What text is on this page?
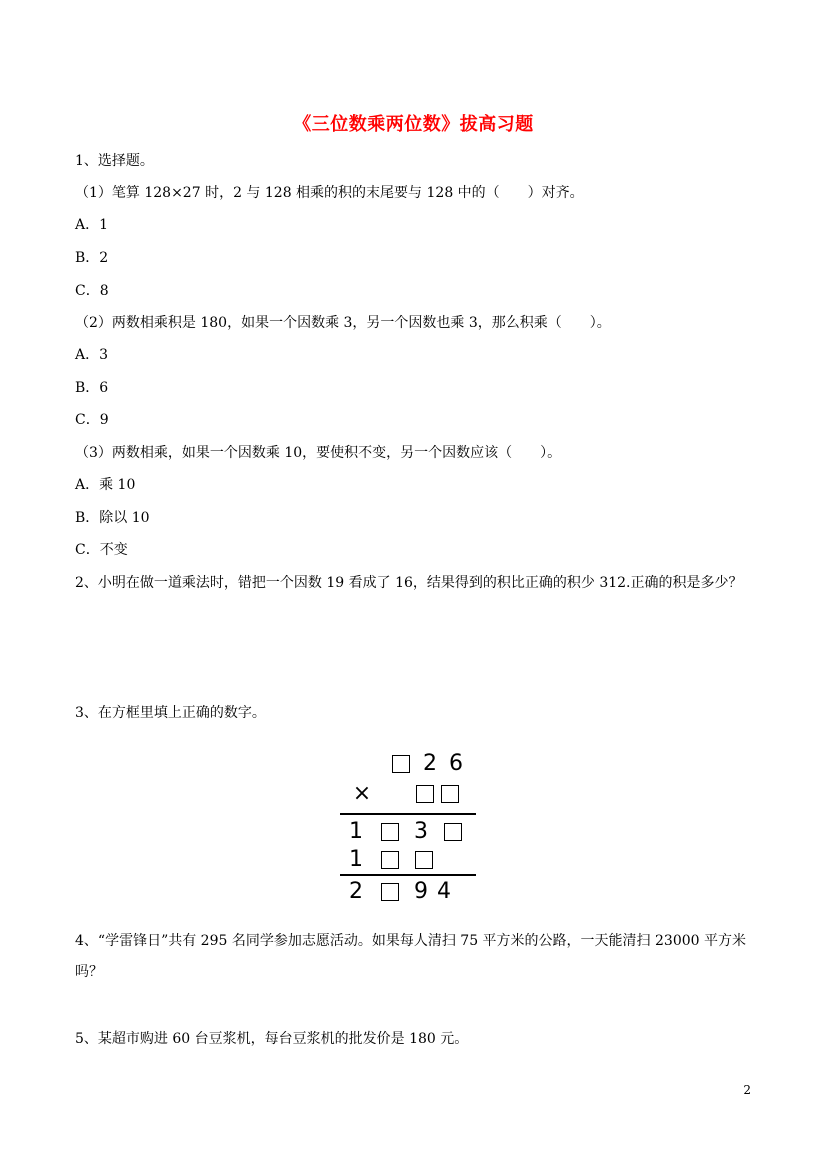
《三位数乘两位数》拔高习题
1、选择题。
（1）笔算 128×27 时，2 与 128 相乘的积的末尾要与 128 中的（　　）对齐。
A．1
B．2
C．8
（2）两数相乘积是 180，如果一个因数乘 3，另一个因数也乘 3，那么积乘（　　）。
A．3
B．6
C．9
（3）两数相乘，如果一个因数乘 10，要使积不变，另一个因数应该（　　）。
A．乘 10
B．除以 10
C．不变
2、小明在做一道乘法时，错把一个因数 19 看成了 16，结果得到的积比正确的积少 312.正确的积是多少？
3、在方框里填上正确的数字。
2 6
×
1 3
1
2 9 4
4、“学雷锋日”共有 295 名同学参加志愿活动。如果每人清扫 75 平方米的公路，一天能清扫 23000 平方米
吗？
5、某超市购进 60 台豆浆机，每台豆浆机的批发价是 180 元。
2
